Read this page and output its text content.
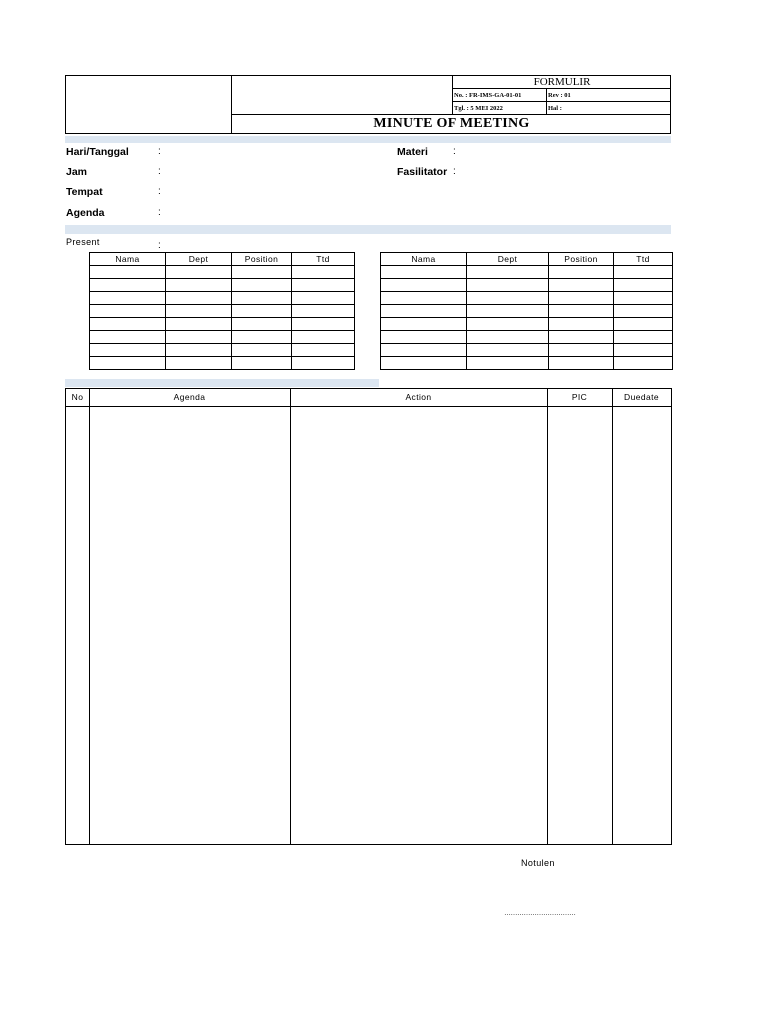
FORMULIR
No. : FR-IMS-GA-01-01	Rev : 01
Tgl. : 5 MEI 2022	Hal :
MINUTE OF MEETING
Hari/Tanggal	:
Jam	:
Tempat	:
Agenda	:
Materi	:
Fasilitator :
Present	:
Nama	Dept	Position	Ttd

				Nama	Dept	Position	Ttd

No	Agenda	Action	PIC	Duedate
Notulen
……………………………
